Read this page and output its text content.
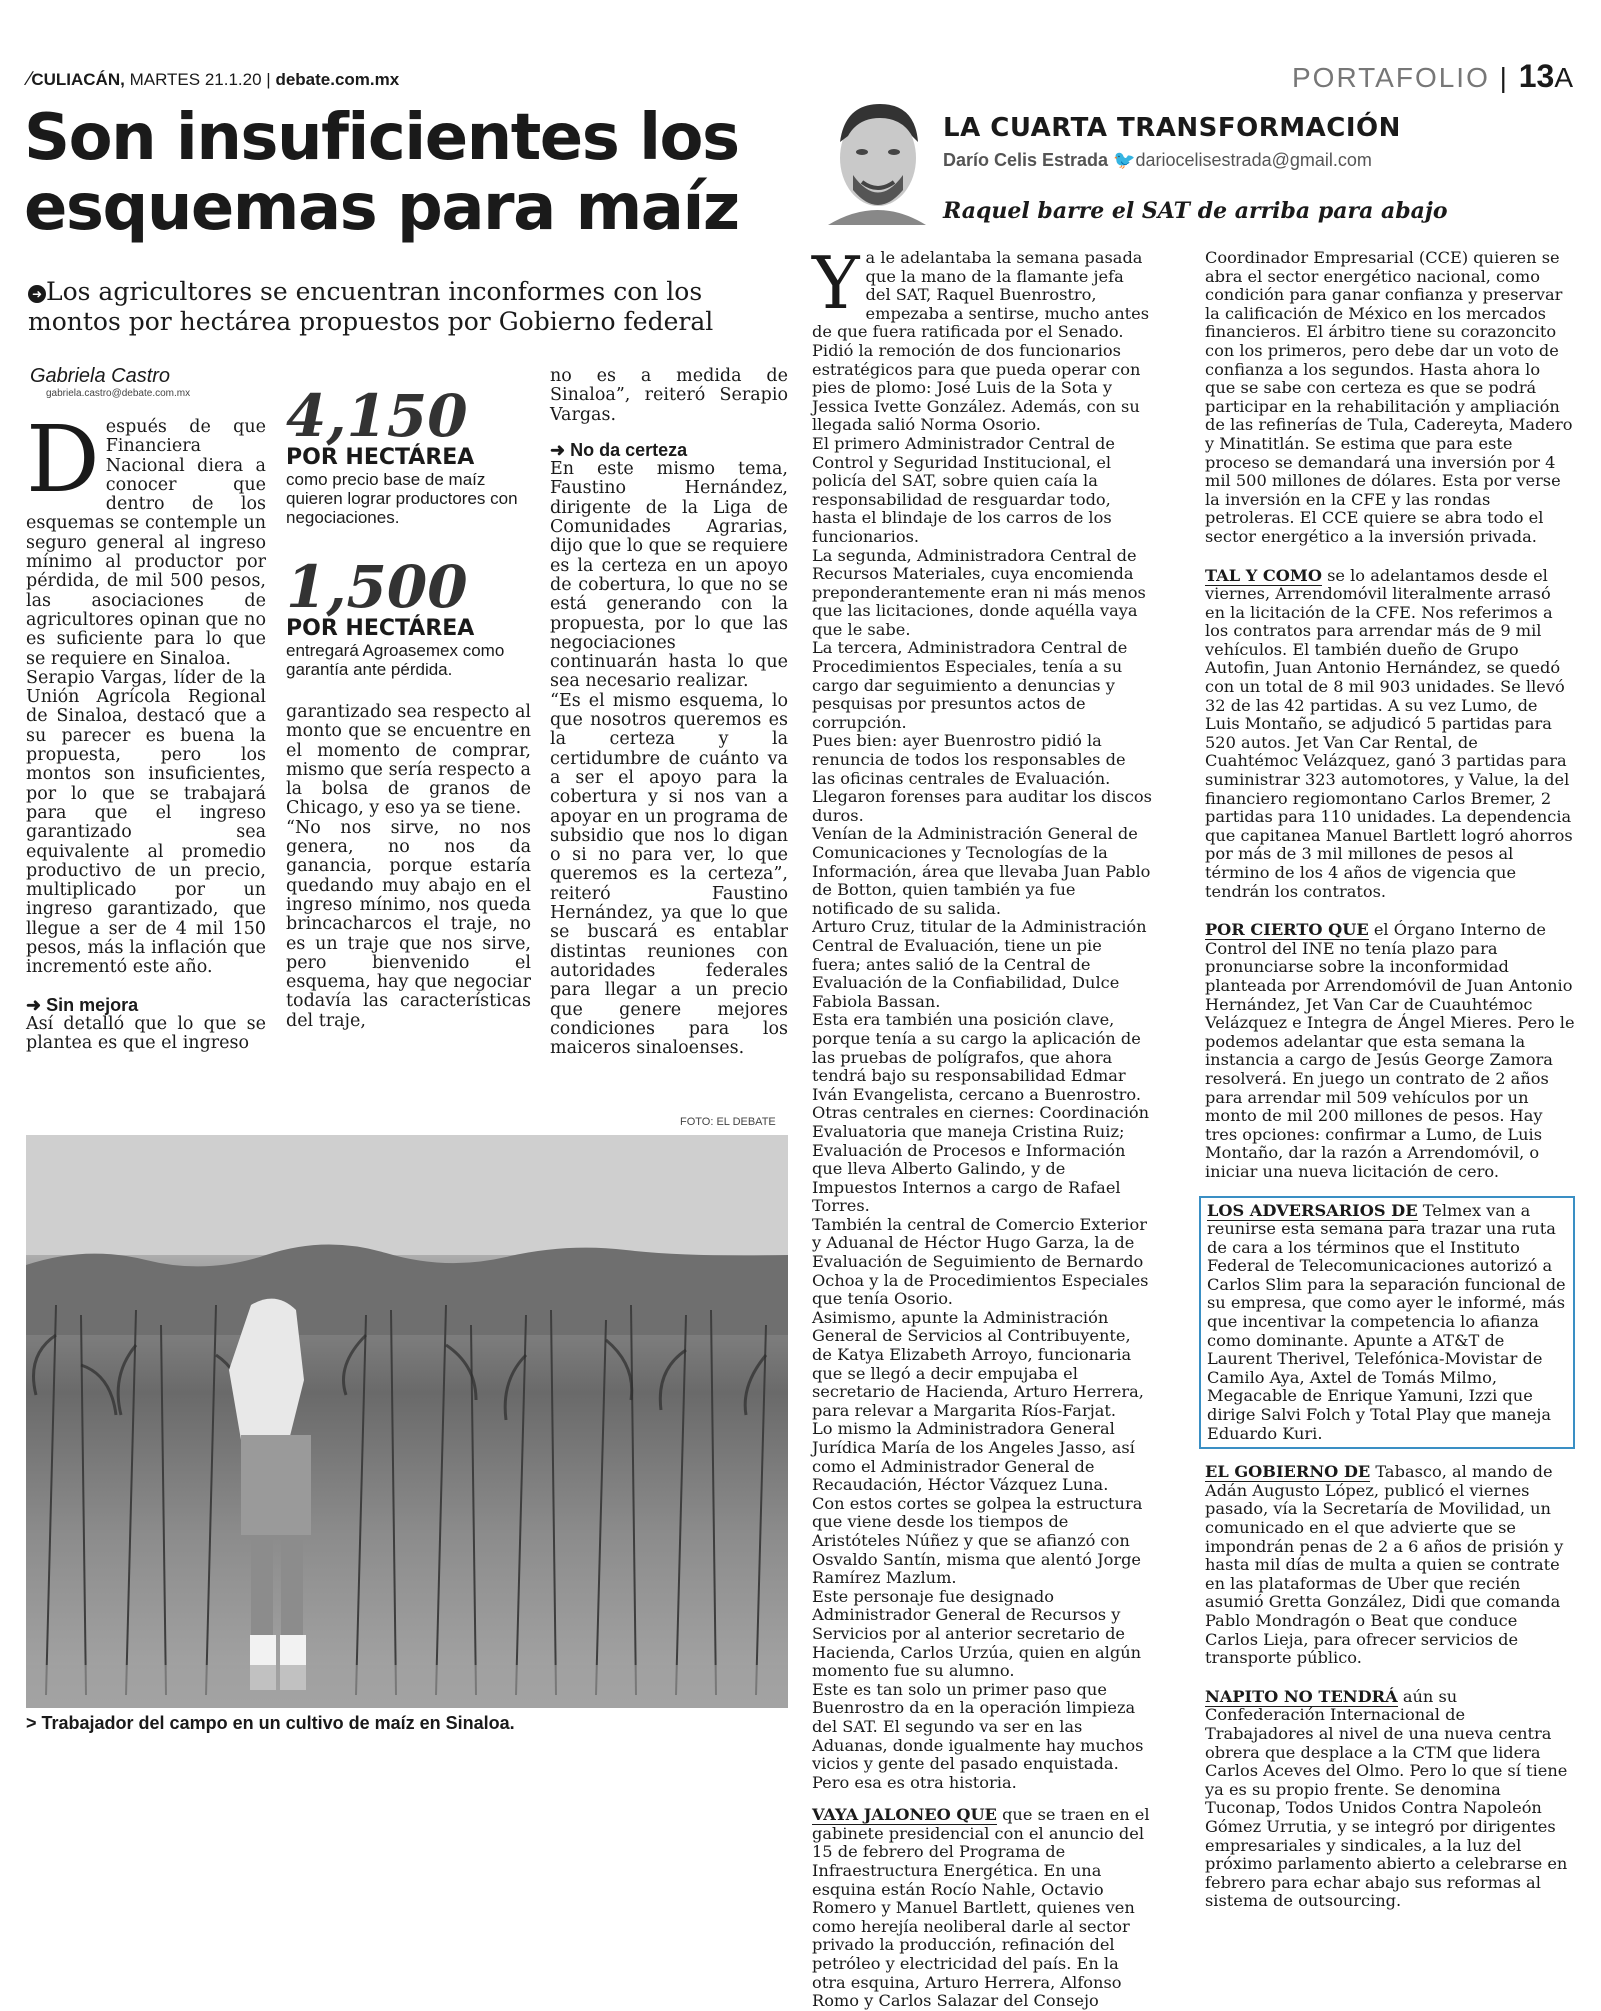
∕CULIACÁN, MARTES 21.1.20 | debate.com.mx	PORTAFOLIO | 13A
Son insuficientes los
esquemas para maíz
➜ Los agricultores se encuentran inconformes con los montos por hectárea propuestos por Gobierno federal
Gabriela Castro
gabriela.castro@debate.com.mx
D espués de que Financiera Nacional diera a conocer que dentro de los esquemas se contemple un seguro general al ingreso mínimo al productor por pérdida, de mil 500 pesos, las asociaciones de agricultores opinan que no es suficiente para lo que se requiere en Sinaloa.

Serapio Vargas, líder de la Unión Agrícola Regional de Sinaloa, destacó que a su parecer es buena la propuesta, pero los montos son insuficientes, por lo que se trabajará para que el ingreso garantizado sea equivalente al promedio productivo de un precio, multiplicado por un ingreso garantizado, que llegue a ser de 4 mil 150 pesos, más la inflación que incrementó este año.

➜ Sin mejora

Así detalló que lo que se plantea es que el ingreso

4,150
POR HECTÁREA
como precio base de maíz quieren lograr productores con negociaciones.
1,500
POR HECTÁREA
entregará Agroasemex como garantía ante pérdida.

garantizado sea respecto al monto que se encuentre en el momento de comprar, mismo que sería respecto a la bolsa de granos de Chicago, y eso ya se tiene.

“No nos sirve, no nos genera, no nos da ganancia, porque estaría quedando muy abajo en el ingreso mínimo, nos queda brincacharcos el traje, no es un traje que nos sirve, pero bienvenido el esquema, hay que negociar todavía las características del traje,

no es a medida de Sinaloa”, reiteró Serapio Vargas.

➜ No da certeza

En este mismo tema, Faustino Hernández, dirigente de la Liga de Comunidades Agrarias, dijo que lo que se requiere es la certeza en un apoyo de cobertura, lo que no se está generando con la propuesta, por lo que las negociaciones continuarán hasta lo que sea necesario realizar.

“Es el mismo esquema, lo que nosotros queremos es la certeza y la certidumbre de cuánto va a ser el apoyo para la cobertura y si nos van a apoyar en un programa de subsidio que nos lo digan o si no para ver, lo que queremos es la certeza”, reiteró Faustino Hernández, ya que lo que se buscará es entablar distintas reuniones con autoridades federales para llegar a un precio que genere mejores condiciones para los maiceros sinaloenses.

FOTO: EL DEBATE
> Trabajador del campo en un cultivo de maíz en Sinaloa.
LA CUARTA TRANSFORMACIÓN
Darío Celis Estrada 🐦dariocelisestrada@gmail.com
Raquel barre el SAT de arriba para abajo
Y a le adelantaba la semana pasada que la mano de la flamante jefa del SAT, Raquel Buenrostro, empezaba a sentirse, mucho antes de que fuera ratificada por el Senado.

Pidió la remoción de dos funcionarios estratégicos para que pueda operar con pies de plomo: José Luis de la Sota y Jessica Ivette González. Además, con su llegada salió Norma Osorio.

El primero Administrador Central de Control y Seguridad Institucional, el policía del SAT, sobre quien caía la responsabilidad de resguardar todo, hasta el blindaje de los carros de los funcionarios.

La segunda, Administradora Central de Recursos Materiales, cuya encomienda preponderantemente eran ni más menos que las licitaciones, donde aquélla vaya que le sabe.

La tercera, Administradora Central de Procedimientos Especiales, tenía a su cargo dar seguimiento a denuncias y pesquisas por presuntos actos de corrupción.

Pues bien: ayer Buenrostro pidió la renuncia de todos los responsables de las oficinas centrales de Evaluación. Llegaron forenses para auditar los discos duros.

Venían de la Administración General de Comunicaciones y Tecnologías de la Información, área que llevaba Juan Pablo de Botton, quien también ya fue notificado de su salida.

Arturo Cruz, titular de la Administración Central de Evaluación, tiene un pie fuera; antes salió de la Central de Evaluación de la Confiabilidad, Dulce Fabiola Bassan.

Esta era también una posición clave, porque tenía a su cargo la aplicación de las pruebas de polígrafos, que ahora tendrá bajo su responsabilidad Edmar Iván Evangelista, cercano a Buenrostro.

Otras centrales en ciernes: Coordinación Evaluatoria que maneja Cristina Ruiz; Evaluación de Procesos e Información que lleva Alberto Galindo, y de Impuestos Internos a cargo de Rafael Torres.

También la central de Comercio Exterior y Aduanal de Héctor Hugo Garza, la de Evaluación de Seguimiento de Bernardo Ochoa y la de Procedimientos Especiales que tenía Osorio.

Asimismo, apunte la Administración General de Servicios al Contribuyente, de Katya Elizabeth Arroyo, funcionaria que se llegó a decir empujaba el secretario de Hacienda, Arturo Herrera, para relevar a Margarita Ríos-Farjat.

Lo mismo la Administradora General Jurídica María de los Angeles Jasso, así como el Administrador General de Recaudación, Héctor Vázquez Luna.

Con estos cortes se golpea la estructura que viene desde los tiempos de Aristóteles Núñez y que se afianzó con Osvaldo Santín, misma que alentó Jorge Ramírez Mazlum.

Este personaje fue designado Administrador General de Recursos y Servicios por al anterior secretario de Hacienda, Carlos Urzúa, quien en algún momento fue su alumno.

Este es tan solo un primer paso que Buenrostro da en la operación limpieza del SAT. El segundo va ser en las Aduanas, donde igualmente hay muchos vicios y gente del pasado enquistada. Pero esa es otra historia.

VAYA JALONEO QUE que se traen en el gabinete presidencial con el anuncio del 15 de febrero del Programa de Infraestructura Energética. En una esquina están Rocío Nahle, Octavio Romero y Manuel Bartlett, quienes ven como herejía neoliberal darle al sector privado la producción, refinación del petróleo y electricidad del país. En la otra esquina, Arturo Herrera, Alfonso Romo y Carlos Salazar del Consejo

Coordinador Empresarial (CCE) quieren se abra el sector energético nacional, como condición para ganar confianza y preservar la calificación de México en los mercados financieros. El árbitro tiene su corazoncito con los primeros, pero debe dar un voto de confianza a los segundos. Hasta ahora lo que se sabe con certeza es que se podrá participar en la rehabilitación y ampliación de las refinerías de Tula, Cadereyta, Madero y Minatitlán. Se estima que para este proceso se demandará una inversión por 4 mil 500 millones de dólares. Esta por verse la inversión en la CFE y las rondas petroleras. El CCE quiere se abra todo el sector energético a la inversión privada.

TAL Y COMO se lo adelantamos desde el viernes, Arrendomóvil literalmente arrasó en la licitación de la CFE. Nos referimos a los contratos para arrendar más de 9 mil vehículos. El también dueño de Grupo Autofin, Juan Antonio Hernández, se quedó con un total de 8 mil 903 unidades. Se llevó 32 de las 42 partidas. A su vez Lumo, de Luis Montaño, se adjudicó 5 partidas para 520 autos. Jet Van Car Rental, de Cuahtémoc Velázquez, ganó 3 partidas para suministrar 323 automotores, y Value, la del financiero regiomontano Carlos Bremer, 2 partidas para 110 unidades. La dependencia que capitanea Manuel Bartlett logró ahorros por más de 3 mil millones de pesos al término de los 4 años de vigencia que tendrán los contratos.

POR CIERTO QUE el Órgano Interno de Control del INE no tenía plazo para pronunciarse sobre la inconformidad planteada por Arrendomóvil de Juan Antonio Hernández, Jet Van Car de Cuauhtémoc Velázquez e Integra de Ángel Mieres. Pero le podemos adelantar que esta semana la instancia a cargo de Jesús George Zamora resolverá. En juego un contrato de 2 años para arrendar mil 509 vehículos por un monto de mil 200 millones de pesos. Hay tres opciones: confirmar a Lumo, de Luis Montaño, dar la razón a Arrendomóvil, o iniciar una nueva licitación de cero.

LOS ADVERSARIOS DE Telmex van a reunirse esta semana para trazar una ruta de cara a los términos que el Instituto Federal de Telecomunicaciones autorizó a Carlos Slim para la separación funcional de su empresa, que como ayer le informé, más que incentivar la competencia lo afianza como dominante. Apunte a AT&T de Laurent Therivel, Telefónica-Movistar de Camilo Aya, Axtel de Tomás Milmo, Megacable de Enrique Yamuni, Izzi que dirige Salvi Folch y Total Play que maneja Eduardo Kuri.

EL GOBIERNO DE Tabasco, al mando de Adán Augusto López, publicó el viernes pasado, vía la Secretaría de Movilidad, un comunicado en el que advierte que se impondrán penas de 2 a 6 años de prisión y hasta mil días de multa a quien se contrate en las plataformas de Uber que recién asumió Gretta González, Didi que comanda Pablo Mondragón o Beat que conduce Carlos Lieja, para ofrecer servicios de transporte público.

NAPITO NO TENDRÁ aún su Confederación Internacional de Trabajadores al nivel de una nueva centra obrera que desplace a la CTM que lidera Carlos Aceves del Olmo. Pero lo que sí tiene ya es su propio frente. Se denomina Tuconap, Todos Unidos Contra Napoleón Gómez Urrutia, y se integró por dirigentes empresariales y sindicales, a la luz del próximo parlamento abierto a celebrarse en febrero para echar abajo sus reformas al sistema de outsourcing.
